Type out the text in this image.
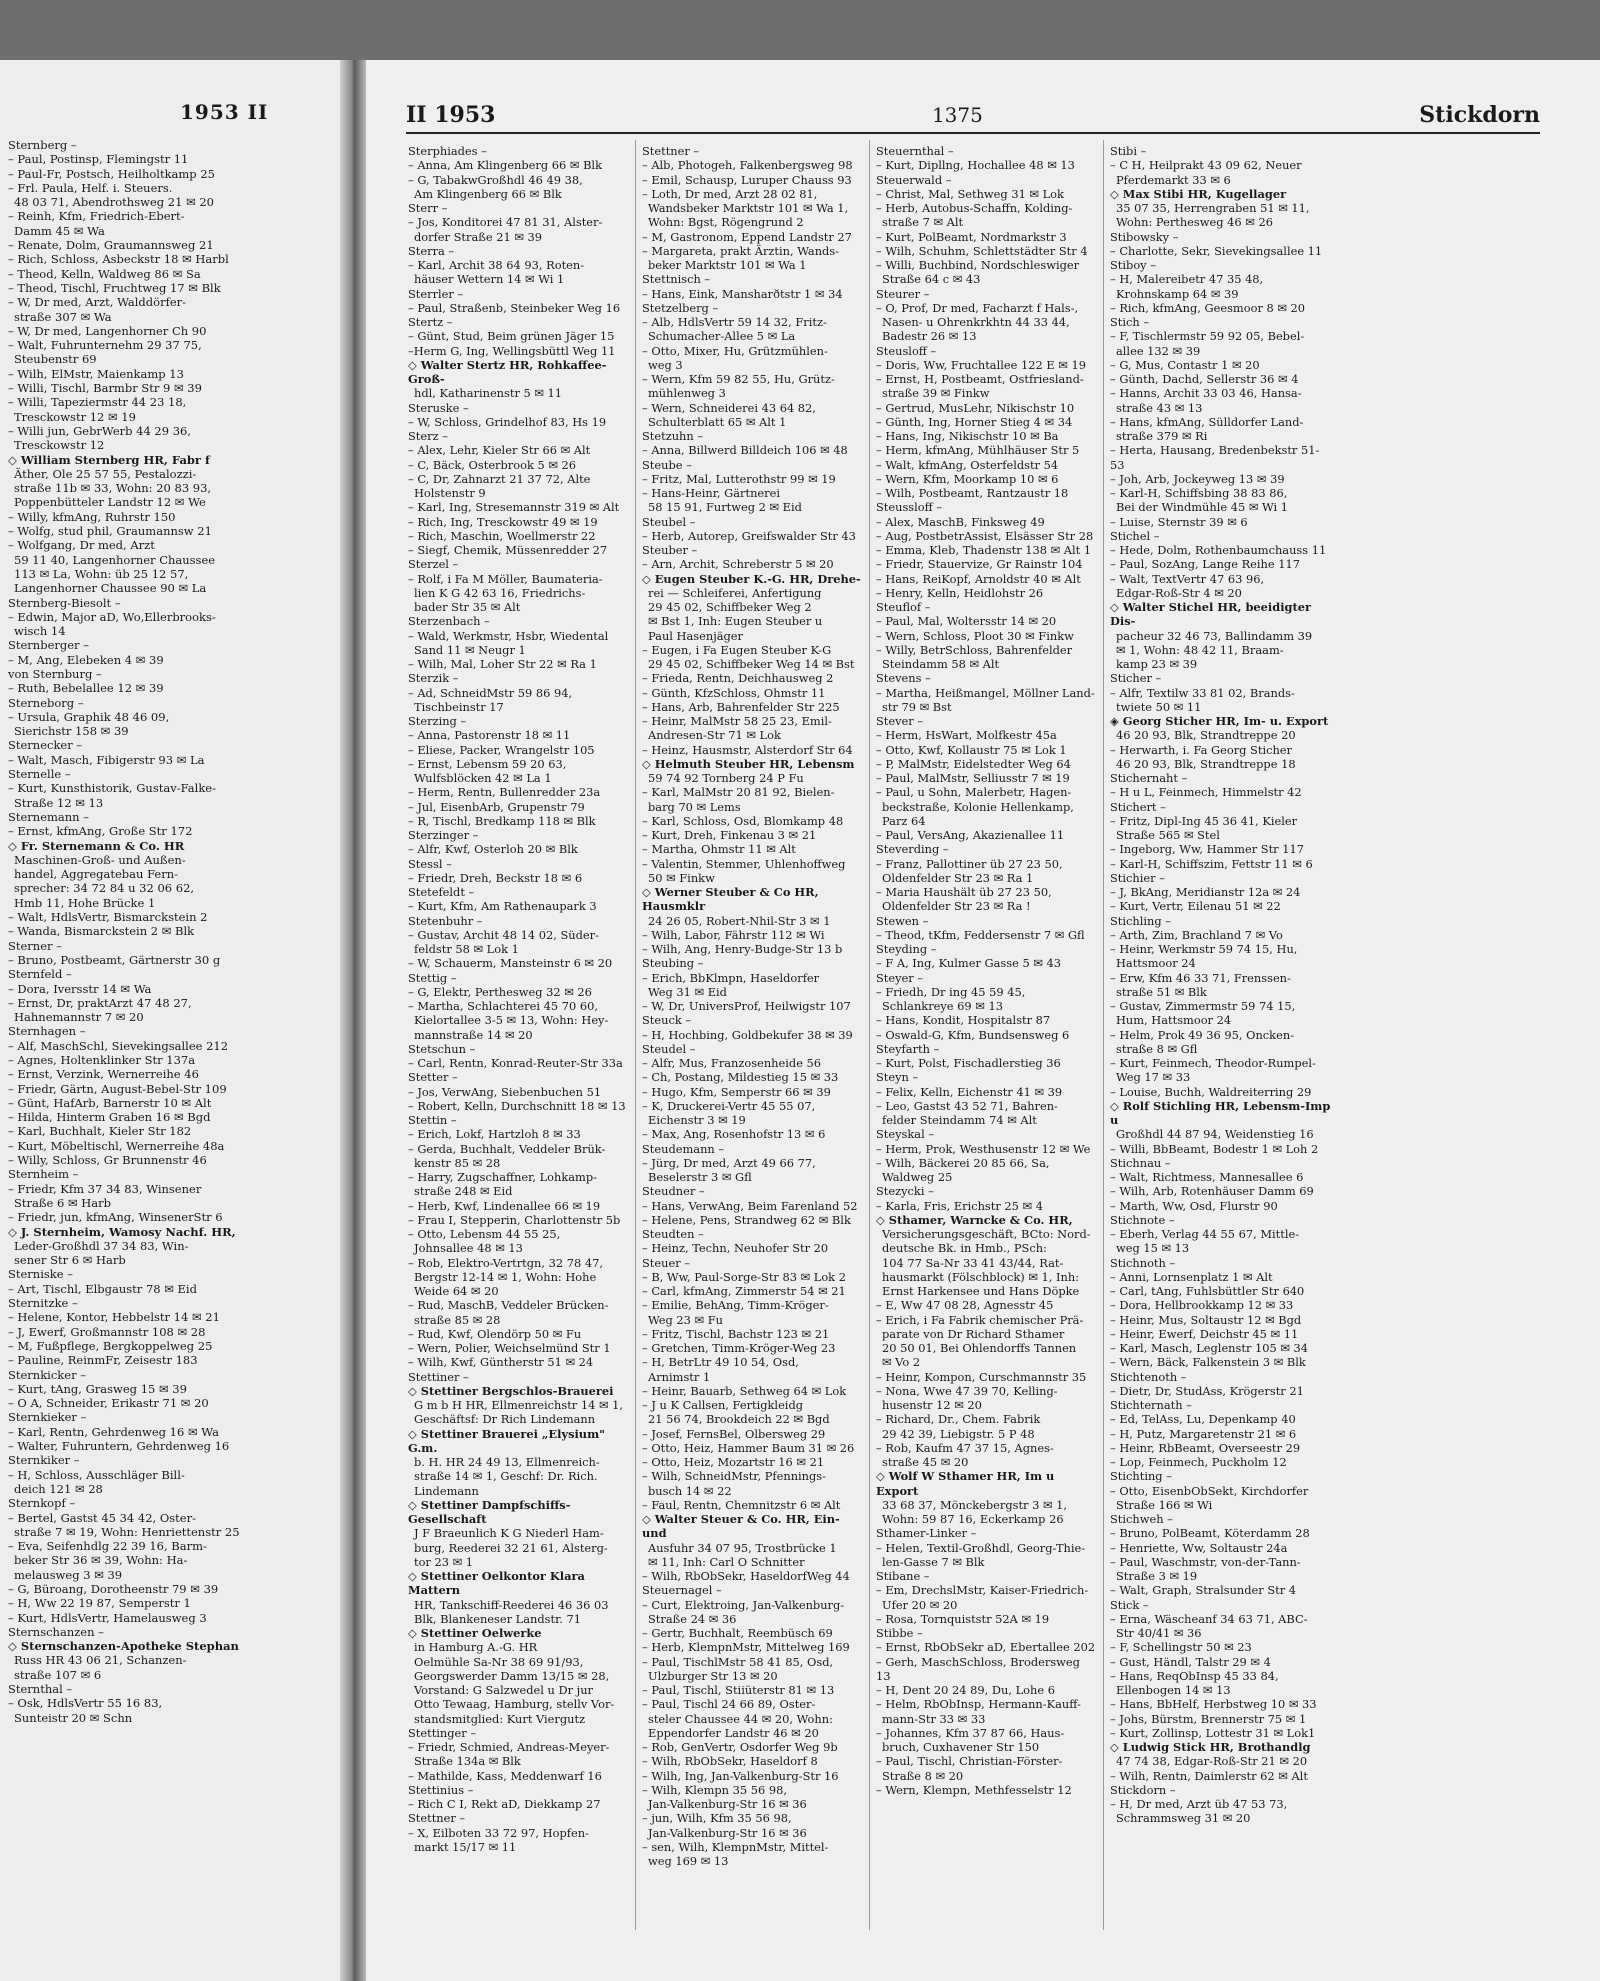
1953 II

Sternberg –

– Paul, Postinsp, Flemingstr 11

– Paul-Fr, Postsch, Heilholtkamp 25

– Frl. Paula, Helf. i. Steuers.

48 03 71, Abendrothsweg 21 ✉ 20

– Reinh, Kfm, Friedrich-Ebert-

Damm 45 ✉ Wa

– Renate, Dolm, Graumannsweg 21

– Rich, Schloss, Asbeckstr 18 ✉ Harbl

– Theod, Kelln, Waldweg 86 ✉ Sa

– Theod, Tischl, Fruchtweg 17 ✉ Blk

– W, Dr med, Arzt, Walddörfer-

straße 307 ✉ Wa

– W, Dr med, Langenhorner Ch 90

– Walt, Fuhrunternehm 29 37 75,

Steubenstr 69

– Wilh, ElMstr, Maienkamp 13

– Willi, Tischl, Barmbr Str 9 ✉ 39

– Willi, Tapeziermstr 44 23 18,

Tresckowstr 12 ✉ 19

– Willi jun, GebrWerb 44 29 36,

Tresckowstr 12

◇ William Sternberg HR, Fabr f

Äther, Ole 25 57 55, Pestalozzi-

straße 11b ✉ 33, Wohn: 20 83 93,

Poppenbütteler Landstr 12 ✉ We

– Willy, kfmAng, Ruhrstr 150

– Wolfg, stud phil, Graumannsw 21

– Wolfgang, Dr med, Arzt

59 11 40, Langenhorner Chaussee

113 ✉ La, Wohn: üb 25 12 57,

Langenhorner Chaussee 90 ✉ La

Sternberg-Biesolt –

– Edwin, Major aD, Wo,Ellerbrooks-

wisch 14

Sternberger –

– M, Ang, Elebeken 4 ✉ 39

von Sternburg –

– Ruth, Bebelallee 12 ✉ 39

Sterneborg –

– Ursula, Graphik 48 46 09,

Sierichstr 158 ✉ 39

Sternecker –

– Walt, Masch, Fibigerstr 93 ✉ La

Sternelle –

– Kurt, Kunsthistorik, Gustav-Falke-

Straße 12 ✉ 13

Sternemann –

– Ernst, kfmAng, Große Str 172

◇ Fr. Sternemann & Co. HR

Maschinen-Groß- und Außen-

handel, Aggregatebau Fern-

sprecher: 34 72 84 u 32 06 62,

Hmb 11, Hohe Brücke 1

– Walt, HdlsVertr, Bismarckstein 2

– Wanda, Bismarckstein 2 ✉ Blk

Sterner –

– Bruno, Postbeamt, Gärtnerstr 30 g

Sternfeld –

– Dora, Iversstr 14 ✉ Wa

– Ernst, Dr, praktArzt 47 48 27,

Hahnemannstr 7 ✉ 20

Sternhagen –

– Alf, MaschSchl, Sievekingsallee 212

– Agnes, Holtenklinker Str 137a

– Ernst, Verzink, Wernerreihe 46

– Friedr, Gärtn, August-Bebel-Str 109

– Günt, HafArb, Barnerstr 10 ✉ Alt

– Hilda, Hinterm Graben 16 ✉ Bgd

– Karl, Buchhalt, Kieler Str 182

– Kurt, Möbeltischl, Wernerreihe 48a

– Willy, Schloss, Gr Brunnenstr 46

Sternheim –

– Friedr, Kfm 37 34 83, Winsener

Straße 6 ✉ Harb

– Friedr, jun, kfmAng, WinsenerStr 6

◇ J. Sternheim, Wamosy Nachf. HR,

Leder-Großhdl 37 34 83, Win-

sener Str 6 ✉ Harb

Sterniske –

– Art, Tischl, Elbgaustr 78 ✉ Eid

Sternitzke –

– Helene, Kontor, Hebbelstr 14 ✉ 21

– J, Ewerf, Großmannstr 108 ✉ 28

– M, Fußpflege, Bergkoppelweg 25

– Pauline, ReinmFr, Zeisestr 183

Sternkicker –

– Kurt, tAng, Grasweg 15 ✉ 39

– O A, Schneider, Erikastr 71 ✉ 20

Sternkieker –

– Karl, Rentn, Gehrdenweg 16 ✉ Wa

– Walter, Fuhruntern, Gehrdenweg 16

Sternkiker –

– H, Schloss, Ausschläger Bill-

deich 121 ✉ 28

Sternkopf –

– Bertel, Gastst 45 34 42, Oster-

straße 7 ✉ 19, Wohn: Henriettenstr 25

– Eva, Seifenhdlg 22 39 16, Barm-

beker Str 36 ✉ 39, Wohn: Ha-

melausweg 3 ✉ 39

– G, Büroang, Dorotheenstr 79 ✉ 39

– H, Ww 22 19 87, Semperstr 1

– Kurt, HdlsVertr, Hamelausweg 3

Sternschanzen –

◇ Sternschanzen-Apotheke Stephan

Russ HR 43 06 21, Schanzen-

straße 107 ✉ 6

Sternthal –

– Osk, HdlsVertr 55 16 83,

Sunteistr 20 ✉ Schn

II 1953	1375	Stickdorn

Sterphiades –

– Anna, Am Klingenberg 66 ✉ Blk

– G, TabakwGroßhdl 46 49 38,

Am Klingenberg 66 ✉ Blk

Sterr –

– Jos, Konditorei 47 81 31, Alster-

dorfer Straße 21 ✉ 39

Sterra –

– Karl, Archit 38 64 93, Roten-

häuser Wettern 14 ✉ Wi 1

Sterrler –

– Paul, Straßenb, Steinbeker Weg 16

Stertz –

– Günt, Stud, Beim grünen Jäger 15

–Herm G, Ing, Wellingsbüttl Weg 11

◇ Walter Stertz HR, Rohkaffee-Groß-

hdl, Katharinenstr 5 ✉ 11

Steruske –

– W, Schloss, Grindelhof 83, Hs 19

Sterz –

– Alex, Lehr, Kieler Str 66 ✉ Alt

– C, Bäck, Osterbrook 5 ✉ 26

– C, Dr, Zahnarzt 21 37 72, Alte

Holstenstr 9

– Karl, Ing, Stresemannstr 319 ✉ Alt

– Rich, Ing, Tresckowstr 49 ✉ 19

– Rich, Maschin, Woellmerstr 22

– Siegf, Chemik, Müssenredder 27

Sterzel –

– Rolf, i Fa M Möller, Baumateria-

lien K G 42 63 16, Friedrichs-

bader Str 35 ✉ Alt

Sterzenbach –

– Wald, Werkmstr, Hsbr, Wiedental

Sand 11 ✉ Neugr 1

– Wilh, Mal, Loher Str 22 ✉ Ra 1

Sterzik –

– Ad, SchneidMstr 59 86 94,

Tischbeinstr 17

Sterzing –

– Anna, Pastorenstr 18 ✉ 11

– Eliese, Packer, Wrangelstr 105

– Ernst, Lebensm 59 20 63,

Wulfsblöcken 42 ✉ La 1

– Herm, Rentn, Bullenredder 23a

– Jul, EisenbArb, Grupenstr 79

– R, Tischl, Bredkamp 118 ✉ Blk

Sterzinger –

– Alfr, Kwf, Osterloh 20 ✉ Blk

Stessl –

– Friedr, Dreh, Beckstr 18 ✉ 6

Stetefeldt –

– Kurt, Kfm, Am Rathenaupark 3

Stetenbuhr –

– Gustav, Archit 48 14 02, Süder-

feldstr 58 ✉ Lok 1

– W, Schauerm, Mansteinstr 6 ✉ 20

Stettig –

– G, Elektr, Perthesweg 32 ✉ 26

– Martha, Schlachterei 45 70 60,

Kielortallee 3-5 ✉ 13, Wohn: Hey-

mannstraße 14 ✉ 20

Stetschun –

– Carl, Rentn, Konrad-Reuter-Str 33a

Stetter –

– Jos, VerwAng, Siebenbuchen 51

– Robert, Kelln, Durchschnitt 18 ✉ 13

Stettin –

– Erich, Lokf, Hartzloh 8 ✉ 33

– Gerda, Buchhalt, Veddeler Brük-

kenstr 85 ✉ 28

– Harry, Zugschaffner, Lohkamp-

straße 248 ✉ Eid

– Herb, Kwf, Lindenallee 66 ✉ 19

– Frau I, Stepperin, Charlottenstr 5b

– Otto, Lebensm 44 55 25,

Johnsallee 48 ✉ 13

– Rob, Elektro-Vertrtgn, 32 78 47,

Bergstr 12-14 ✉ 1, Wohn: Hohe

Weide 64 ✉ 20

– Rud, MaschB, Veddeler Brücken-

straße 85 ✉ 28

– Rud, Kwf, Olendörp 50 ✉ Fu

– Wern, Polier, Weichselmünd Str 1

– Wilh, Kwf, Güntherstr 51 ✉ 24

Stettiner –

◇ Stettiner Bergschlos-Brauerei

G m b H HR, Ellmenreichstr 14 ✉ 1,

Geschäftsf: Dr Rich Lindemann

◇ Stettiner Brauerei „Elysium" G.m.

b. H. HR 24 49 13, Ellmenreich-

straße 14 ✉ 1, Geschf: Dr. Rich.

Lindemann

◇ Stettiner Dampfschiffs-Gesellschaft

J F Braeunlich K G Niederl Ham-

burg, Reederei 32 21 61, Alsterg-

tor 23 ✉ 1

◇ Stettiner Oelkontor Klara Mattern

HR, Tankschiff-Reederei 46 36 03

Blk, Blankeneser Landstr. 71

◇ Stettiner Oelwerke

in Hamburg A.-G. HR

Oelmühle Sa-Nr 38 69 91/93,

Georgswerder Damm 13/15 ✉ 28,

Vorstand: G Salzwedel u Dr jur

Otto Tewaag, Hamburg, stellv Vor-

standsmitglied: Kurt Viergutz

Stettinger –

– Friedr, Schmied, Andreas-Meyer-

Straße 134a ✉ Blk

– Mathilde, Kass, Meddenwarf 16

Stettinius –

– Rich C I, Rekt aD, Diekkamp 27

Stettner –

– X, Eilboten 33 72 97, Hopfen-

markt 15/17 ✉ 11

Stettner –

– Alb, Photogeh, Falkenbergsweg 98

– Emil, Schausp, Luruper Chauss 93

– Loth, Dr med, Arzt 28 02 81,

Wandsbeker Marktstr 101 ✉ Wa 1,

Wohn: Bgst, Rögengrund 2

– M, Gastronom, Eppend Landstr 27

– Margareta, prakt Ärztin, Wands-

beker Marktstr 101 ✉ Wa 1

Stettnisch –

– Hans, Eink, Mansharðtstr 1 ✉ 34

Stetzelberg –

– Alb, HdlsVertr 59 14 32, Fritz-

Schumacher-Allee 5 ✉ La

– Otto, Mixer, Hu, Grützmühlen-

weg 3

– Wern, Kfm 59 82 55, Hu, Grütz-

mühlenweg 3

– Wern, Schneiderei 43 64 82,

Schulterblatt 65 ✉ Alt 1

Stetzuhn –

– Anna, Billwerd Billdeich 106 ✉ 48

Steube –

– Fritz, Mal, Lutterothstr 99 ✉ 19

– Hans-Heinr, Gärtnerei

58 15 91, Furtweg 2 ✉ Eid

Steubel –

– Herb, Autorep, Greifswalder Str 43

Steuber –

– Arn, Archit, Schreberstr 5 ✉ 20

◇ Eugen Steuber K.-G. HR, Drehe-

rei — Schleiferei, Anfertigung

29 45 02, Schiffbeker Weg 2

✉ Bst 1, Inh: Eugen Steuber u

Paul Hasenjäger

– Eugen, i Fa Eugen Steuber K-G

29 45 02, Schiffbeker Weg 14 ✉ Bst

– Frieda, Rentn, Deichhausweg 2

– Günth, KfzSchloss, Ohmstr 11

– Hans, Arb, Bahrenfelder Str 225

– Heinr, MalMstr 58 25 23, Emil-

Andresen-Str 71 ✉ Lok

– Heinz, Hausmstr, Alsterdorf Str 64

◇ Helmuth Steuber HR, Lebensm

59 74 92 Tornberg 24 P Fu

– Karl, MalMstr 20 81 92, Bielen-

barg 70 ✉ Lems

– Karl, Schloss, Osd, Blomkamp 48

– Kurt, Dreh, Finkenau 3 ✉ 21

– Martha, Ohmstr 11 ✉ Alt

– Valentin, Stemmer, Uhlenhoffweg

50 ✉ Finkw

◇ Werner Steuber & Co HR, Hausmklr

24 26 05, Robert-Nhil-Str 3 ✉ 1

– Wilh, Labor, Fährstr 112 ✉ Wi

– Wilh, Ang, Henry-Budge-Str 13 b

Steubing –

– Erich, BbKlmpn, Haseldorfer

Weg 31 ✉ Eid

– W, Dr, UniversProf, Heilwigstr 107

Steuck –

– H, Hochbing, Goldbekufer 38 ✉ 39

Steudel –

– Alfr, Mus, Franzosenheide 56

– Ch, Postang, Mildestieg 15 ✉ 33

– Hugo, Kfm, Semperstr 66 ✉ 39

– K, Druckerei-Vertr 45 55 07,

Eichenstr 3 ✉ 19

– Max, Ang, Rosenhofstr 13 ✉ 6

Steudemann –

– Jürg, Dr med, Arzt 49 66 77,

Beselerstr 3 ✉ Gfl

Steudner –

– Hans, VerwAng, Beim Farenland 52

– Helene, Pens, Strandweg 62 ✉ Blk

Steudten –

– Heinz, Techn, Neuhofer Str 20

Steuer –

– B, Ww, Paul-Sorge-Str 83 ✉ Lok 2

– Carl, kfmAng, Zimmerstr 54 ✉ 21

– Emilie, BehAng, Timm-Kröger-

Weg 23 ✉ Fu

– Fritz, Tischl, Bachstr 123 ✉ 21

– Gretchen, Timm-Kröger-Weg 23

– H, BetrLtr 49 10 54, Osd,

Arnimstr 1

– Heinr, Bauarb, Sethweg 64 ✉ Lok

– J u K Callsen, Fertigkleidg

21 56 74, Brookdeich 22 ✉ Bgd

– Josef, FernsBel, Olbersweg 29

– Otto, Heiz, Hammer Baum 31 ✉ 26

– Otto, Heiz, Mozartstr 16 ✉ 21

– Wilh, SchneidMstr, Pfennings-

busch 14 ✉ 22

– Faul, Rentn, Chemnitzstr 6 ✉ Alt

◇ Walter Steuer & Co. HR, Ein- und

Ausfuhr 34 07 95, Trostbrücke 1

✉ 11, Inh: Carl O Schnitter

– Wilh, RbObSekr, HaseldorfWeg 44

Steuernagel –

– Curt, Elektroing, Jan-Valkenburg-

Straße 24 ✉ 36

– Gertr, Buchhalt, Reembüsch 69

– Herb, KlempnMstr, Mittelweg 169

– Paul, TischlMstr 58 41 85, Osd,

Ulzburger Str 13 ✉ 20

– Paul, Tischl, Stiiüterstr 81 ✉ 13

– Paul, Tischl 24 66 89, Oster-

steler Chaussee 44 ✉ 20, Wohn:

Eppendorfer Landstr 46 ✉ 20

– Rob, GenVertr, Osdorfer Weg 9b

– Wilh, RbObSekr, Haseldorf 8

– Wilh, Ing, Jan-Valkenburg-Str 16

– Wilh, Klempn 35 56 98,

Jan-Valkenburg-Str 16 ✉ 36

– jun, Wilh, Kfm 35 56 98,

Jan-Valkenburg-Str 16 ✉ 36

– sen, Wilh, KlempnMstr, Mittel-

weg 169 ✉ 13

Steuernthal –

– Kurt, Dipllng, Hochallee 48 ✉ 13

Steuerwald –

– Christ, Mal, Sethweg 31 ✉ Lok

– Herb, Autobus-Schaffn, Kolding-

straße 7 ✉ Alt

– Kurt, PolBeamt, Nordmarkstr 3

– Wilh, Schuhm, Schlettstädter Str 4

– Willi, Buchbind, Nordschleswiger

Straße 64 c ✉ 43

Steurer –

– O, Prof, Dr med, Facharzt f Hals-,

Nasen- u Ohrenkrkhtn 44 33 44,

Badestr 26 ✉ 13

Steusloff –

– Doris, Ww, Fruchtallee 122 E ✉ 19

– Ernst, H, Postbeamt, Ostfriesland-

straße 39 ✉ Finkw

– Gertrud, MusLehr, Nikischstr 10

– Günth, Ing, Horner Stieg 4 ✉ 34

– Hans, Ing, Nikischstr 10 ✉ Ba

– Herm, kfmAng, Mühlhäuser Str 5

– Walt, kfmAng, Osterfeldstr 54

– Wern, Kfm, Moorkamp 10 ✉ 6

– Wilh, Postbeamt, Rantzaustr 18

Steussloff –

– Alex, MaschB, Finksweg 49

– Aug, PostbetrAssist, Elsässer Str 28

– Emma, Kleb, Thadenstr 138 ✉ Alt 1

– Friedr, Stauervize, Gr Rainstr 104

– Hans, ReiKopf, Arnoldstr 40 ✉ Alt

– Henry, Kelln, Heidlohstr 26

Steuflof –

– Paul, Mal, Woltersstr 14 ✉ 20

– Wern, Schloss, Ploot 30 ✉ Finkw

– Willy, BetrSchloss, Bahrenfelder

Steindamm 58 ✉ Alt

Stevens –

– Martha, Heißmangel, Möllner Land-

str 79 ✉ Bst

Stever –

– Herm, HsWart, Molfkestr 45a

– Otto, Kwf, Kollaustr 75 ✉ Lok 1

– P, MalMstr, Eidelstedter Weg 64

– Paul, MalMstr, Selliusstr 7 ✉ 19

– Paul, u Sohn, Malerbetr, Hagen-

beckstraße, Kolonie Hellenkamp,

Parz 64

– Paul, VersAng, Akazienallee 11

Steverding –

– Franz, Pallottiner üb 27 23 50,

Oldenfelder Str 23 ✉ Ra 1

– Maria Haushält üb 27 23 50,

Oldenfelder Str 23 ✉ Ra !

Stewen –

– Theod, tKfm, Feddersenstr 7 ✉ Gfl

Steyding –

– F A, Ing, Kulmer Gasse 5 ✉ 43

Steyer –

– Friedh, Dr ing 45 59 45,

Schlankreye 69 ✉ 13

– Hans, Kondit, Hospitalstr 87

– Oswald-G, Kfm, Bundsensweg 6

Steyfarth –

– Kurt, Polst, Fischadlerstieg 36

Steyn –

– Felix, Kelln, Eichenstr 41 ✉ 39

– Leo, Gastst 43 52 71, Bahren-

felder Steindamm 74 ✉ Alt

Steyskal –

– Herm, Prok, Westhusenstr 12 ✉ We

– Wilh, Bäckerei 20 85 66, Sa,

Waldweg 25

Stezycki –

– Karla, Fris, Erichstr 25 ✉ 4

◇ Sthamer, Warncke & Co. HR,

Versicherungsgeschäft, BCto: Nord-

deutsche Bk. in Hmb., PSch:

104 77 Sa-Nr 33 41 43/44, Rat-

hausmarkt (Fölschblock) ✉ 1, Inh:

Ernst Harkensee und Hans Döpke

– E, Ww 47 08 28, Agnesstr 45

– Erich, i Fa Fabrik chemischer Prä-

parate von Dr Richard Sthamer

20 50 01, Bei Ohlendorffs Tannen

✉ Vo 2

– Heinr, Kompon, Curschmannstr 35

– Nona, Wwe 47 39 70, Kelling-

husenstr 12 ✉ 20

– Richard, Dr., Chem. Fabrik

29 42 39, Liebigstr. 5 P 48

– Rob, Kaufm 47 37 15, Agnes-

straße 45 ✉ 20

◇ Wolf W Sthamer HR, Im u Export

33 68 37, Mönckebergstr 3 ✉ 1,

Wohn: 59 87 16, Eckerkamp 26

Sthamer-Linker –

– Helen, Textil-Großhdl, Georg-Thie-

len-Gasse 7 ✉ Blk

Stibane –

– Em, DrechslMstr, Kaiser-Friedrich-

Ufer 20 ✉ 20

– Rosa, Tornquiststr 52A ✉ 19

Stibbe –

– Ernst, RbObSekr aD, Ebertallee 202

– Gerh, MaschSchloss, Brodersweg 13

– H, Dent 20 24 89, Du, Lohe 6

– Helm, RbObInsp, Hermann-Kauff-

mann-Str 33 ✉ 33

– Johannes, Kfm 37 87 66, Haus-

bruch, Cuxhavener Str 150

– Paul, Tischl, Christian-Förster-

Straße 8 ✉ 20

– Wern, Klempn, Methfesselstr 12

Stibi –

– C H, Heilprakt 43 09 62, Neuer

Pferdemarkt 33 ✉ 6

◇ Max Stibi HR, Kugellager

35 07 35, Herrengraben 51 ✉ 11,

Wohn: Perthesweg 46 ✉ 26

Stibowsky –

– Charlotte, Sekr, Sievekingsallee 11

Stiboy –

– H, Malereibetr 47 35 48,

Krohnskamp 64 ✉ 39

– Rich, kfmAng, Geesmoor 8 ✉ 20

Stich –

– F, Tischlermstr 59 92 05, Bebel-

allee 132 ✉ 39

– G, Mus, Contastr 1 ✉ 20

– Günth, Dachd, Sellerstr 36 ✉ 4

– Hanns, Archit 33 03 46, Hansa-

straße 43 ✉ 13

– Hans, kfmAng, Sülldorfer Land-

straße 379 ✉ Ri

– Herta, Hausang, Bredenbekstr 51-53

– Joh, Arb, Jockeyweg 13 ✉ 39

– Karl-H, Schiffsbing 38 83 86,

Bei der Windmühle 45 ✉ Wi 1

– Luise, Sternstr 39 ✉ 6

Stichel –

– Hede, Dolm, Rothenbaumchauss 11

– Paul, SozAng, Lange Reihe 117

– Walt, TextVertr 47 63 96,

Edgar-Roß-Str 4 ✉ 20

◇ Walter Stichel HR, beeidigter Dis-

pacheur 32 46 73, Ballindamm 39

✉ 1, Wohn: 48 42 11, Braam-

kamp 23 ✉ 39

Sticher –

– Alfr, Textilw 33 81 02, Brands-

twiete 50 ✉ 11

◈ Georg Sticher HR, Im- u. Export

46 20 93, Blk, Strandtreppe 20

– Herwarth, i. Fa Georg Sticher

46 20 93, Blk, Strandtreppe 18

Stichernaht –

– H u L, Feinmech, Himmelstr 42

Stichert –

– Fritz, Dipl-Ing 45 36 41, Kieler

Straße 565 ✉ Stel

– Ingeborg, Ww, Hammer Str 117

– Karl-H, Schiffszim, Fettstr 11 ✉ 6

Stichier –

– J, BkAng, Meridianstr 12a ✉ 24

– Kurt, Vertr, Eilenau 51 ✉ 22

Stichling –

– Arth, Zim, Brachland 7 ✉ Vo

– Heinr, Werkmstr 59 74 15, Hu,

Hattsmoor 24

– Erw, Kfm 46 33 71, Frenssen-

straße 51 ✉ Blk

– Gustav, Zimmermstr 59 74 15,

Hum, Hattsmoor 24

– Helm, Prok 49 36 95, Oncken-

straße 8 ✉ Gfl

– Kurt, Feinmech, Theodor-Rumpel-

Weg 17 ✉ 33

– Louise, Buchh, Waldreiterring 29

◇ Rolf Stichling HR, Lebensm-Imp u

Großhdl 44 87 94, Weidenstieg 16

– Willi, BbBeamt, Bodestr 1 ✉ Loh 2

Stichnau –

– Walt, Richtmess, Mannesallee 6

– Wilh, Arb, Rotenhäuser Damm 69

– Marth, Ww, Osd, Flurstr 90

Stichnote –

– Eberh, Verlag 44 55 67, Mittle-

weg 15 ✉ 13

Stichnoth –

– Anni, Lornsenplatz 1 ✉ Alt

– Carl, tAng, Fuhlsbüttler Str 640

– Dora, Hellbrookkamp 12 ✉ 33

– Heinr, Mus, Soltaustr 12 ✉ Bgd

– Heinr, Ewerf, Deichstr 45 ✉ 11

– Karl, Masch, Leglenstr 105 ✉ 34

– Wern, Bäck, Falkenstein 3 ✉ Blk

Stichtenoth –

– Dietr, Dr, StudAss, Krögerstr 21

Stichternath –

– Ed, TelAss, Lu, Depenkamp 40

– H, Putz, Margaretenstr 21 ✉ 6

– Heinr, RbBeamt, Overseestr 29

– Lop, Feinmech, Puckholm 12

Stichting –

– Otto, EisenbObSekt, Kirchdorfer

Straße 166 ✉ Wi

Stichweh –

– Bruno, PolBeamt, Köterdamm 28

– Henriette, Ww, Soltaustr 24a

– Paul, Waschmstr, von-der-Tann-

Straße 3 ✉ 19

– Walt, Graph, Stralsunder Str 4

Stick –

– Erna, Wäscheanf 34 63 71, ABC-

Str 40/41 ✉ 36

– F, Schellingstr 50 ✉ 23

– Gust, Händl, Talstr 29 ✉ 4

– Hans, ReqObInsp 45 33 84,

Ellenbogen 14 ✉ 13

– Hans, BbHelf, Herbstweg 10 ✉ 33

– Johs, Bürstm, Brennerstr 75 ✉ 1

– Kurt, Zollinsp, Lottestr 31 ✉ Lok1

◇ Ludwig Stick HR, Brothandlg

47 74 38, Edgar-Roß-Str 21 ✉ 20

– Wilh, Rentn, Daimlerstr 62 ✉ Alt

Stickdorn –

– H, Dr med, Arzt üb 47 53 73,

Schrammsweg 31 ✉ 20
